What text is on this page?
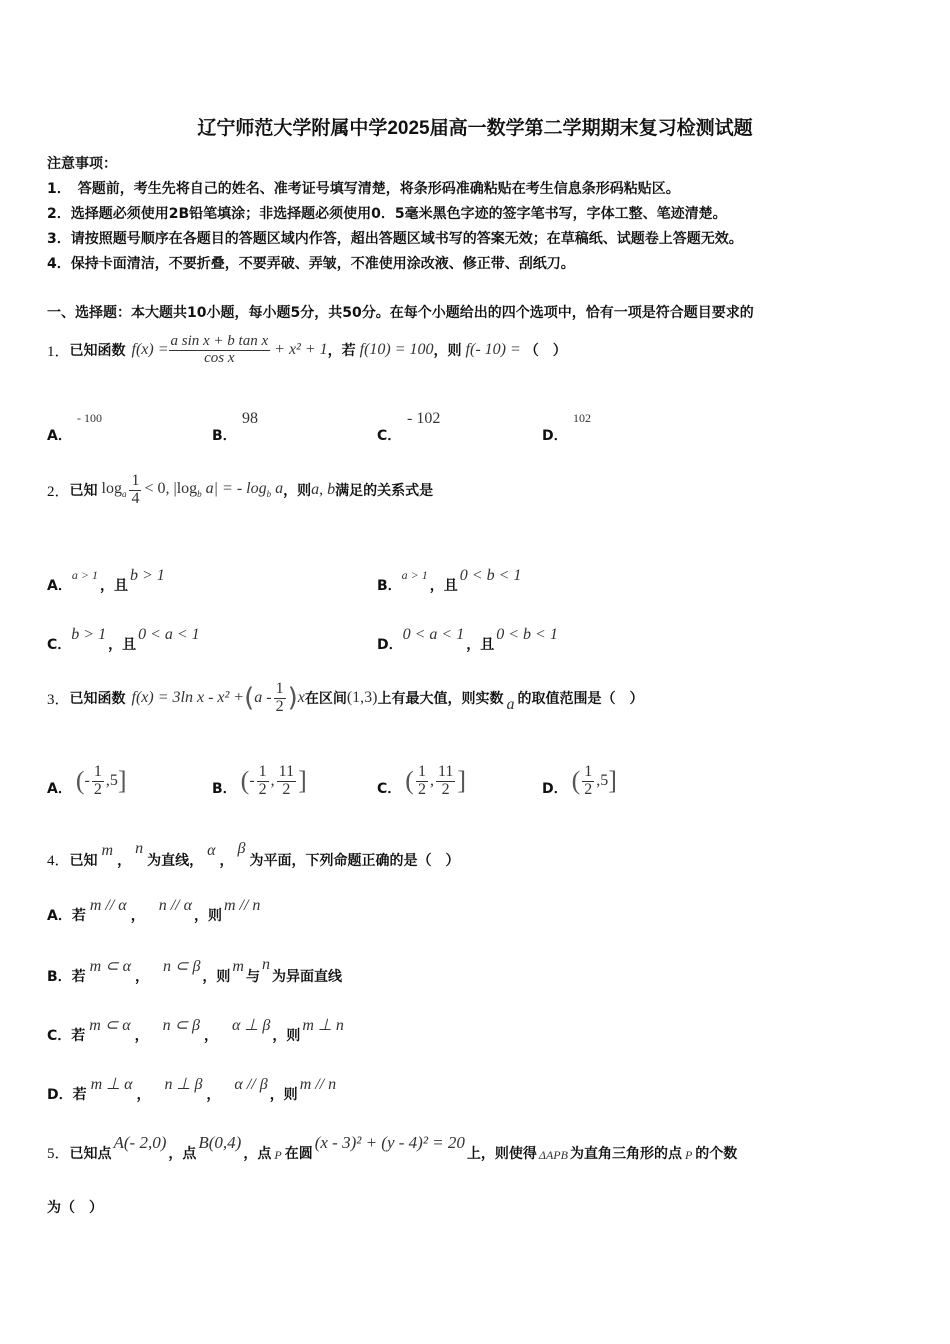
辽宁师范大学附属中学2025届高一数学第二学期期末复习检测试题
注意事项：
1．　答题前，考生先将自己的姓名、准考证号填写清楚，将条形码准确粘贴在考生信息条形码粘贴区。
2．选择题必须使用2B铅笔填涂；非选择题必须使用0．5毫米黑色字迹的签字笔书写，字体工整、笔迹清楚。
3．请按照题号顺序在各题目的答题区域内作答，超出答题区域书写的答案无效；在草稿纸、试题卷上答题无效。
4．保持卡面清洁，不要折叠，不要弄破、弄皱，不准使用涂改液、修正带、刮纸刀。
一、选择题：本大题共10小题，每小题5分，共50分。在每个小题给出的四个选项中，恰有一项是符合题目要求的
1． 已知函数 $f(x) = \frac{\text{a sin x + b tan x}}{\text{cos x}} + x^2 + 1$ ，若 f(10) = 100 ，则 f(- 10) = （　）
A．
- 100
B．
98
C．
- 102
D．
102
2． 已知 $\log_a \frac{1}{4} < 0$, $|\log_b$ a| = - $\log_b a$ ，则 a, b 满足的关系式是
A．
a > 1
，且
b > 1
B．
a > 1
，且
0 < b < 1
C．
b > 1
，且
0 < a < 1
D．
0 < a < 1
，且
0 < b < 1
3． 已知函数 f(x) = 3ln x - x² + ( a - $\frac{1}{2}$ ) x 在区间 (1,3) 上有最大值，则实数 a 的取值范围是（　）
A． ( - $\frac{1}{2}$ , 5 ]	B． ( - $\frac{1}{2}$ , $\frac{11}{2}$ ]	C． ( $\frac{1}{2}$ , $\frac{11}{2}$ ]	D． ( $\frac{1}{2}$ , 5 ]
4． 已知
m
，
n
为直线，
α
，
β
为平面，下列命题正确的是（　）
A． 若
m // α
，
n // α
，则
m // n
B． 若
m ⊂ α
，
n ⊂ β
，则
m
与
n
为异面直线
C． 若
m ⊂ α
，
n ⊂ β
，
α ⊥ β
，则
m ⊥ n
D． 若
m ⊥ α
，
n ⊥ β
，
α // β
，则
m // n
5． 已知点
A(- 2,0)
，点
B(0,4)
，点 P 在圆
(x - 3)² + (y - 4)² = 20
上，则使得 ΔAPB 为直角三角形的点 P 的个数
为（　）
